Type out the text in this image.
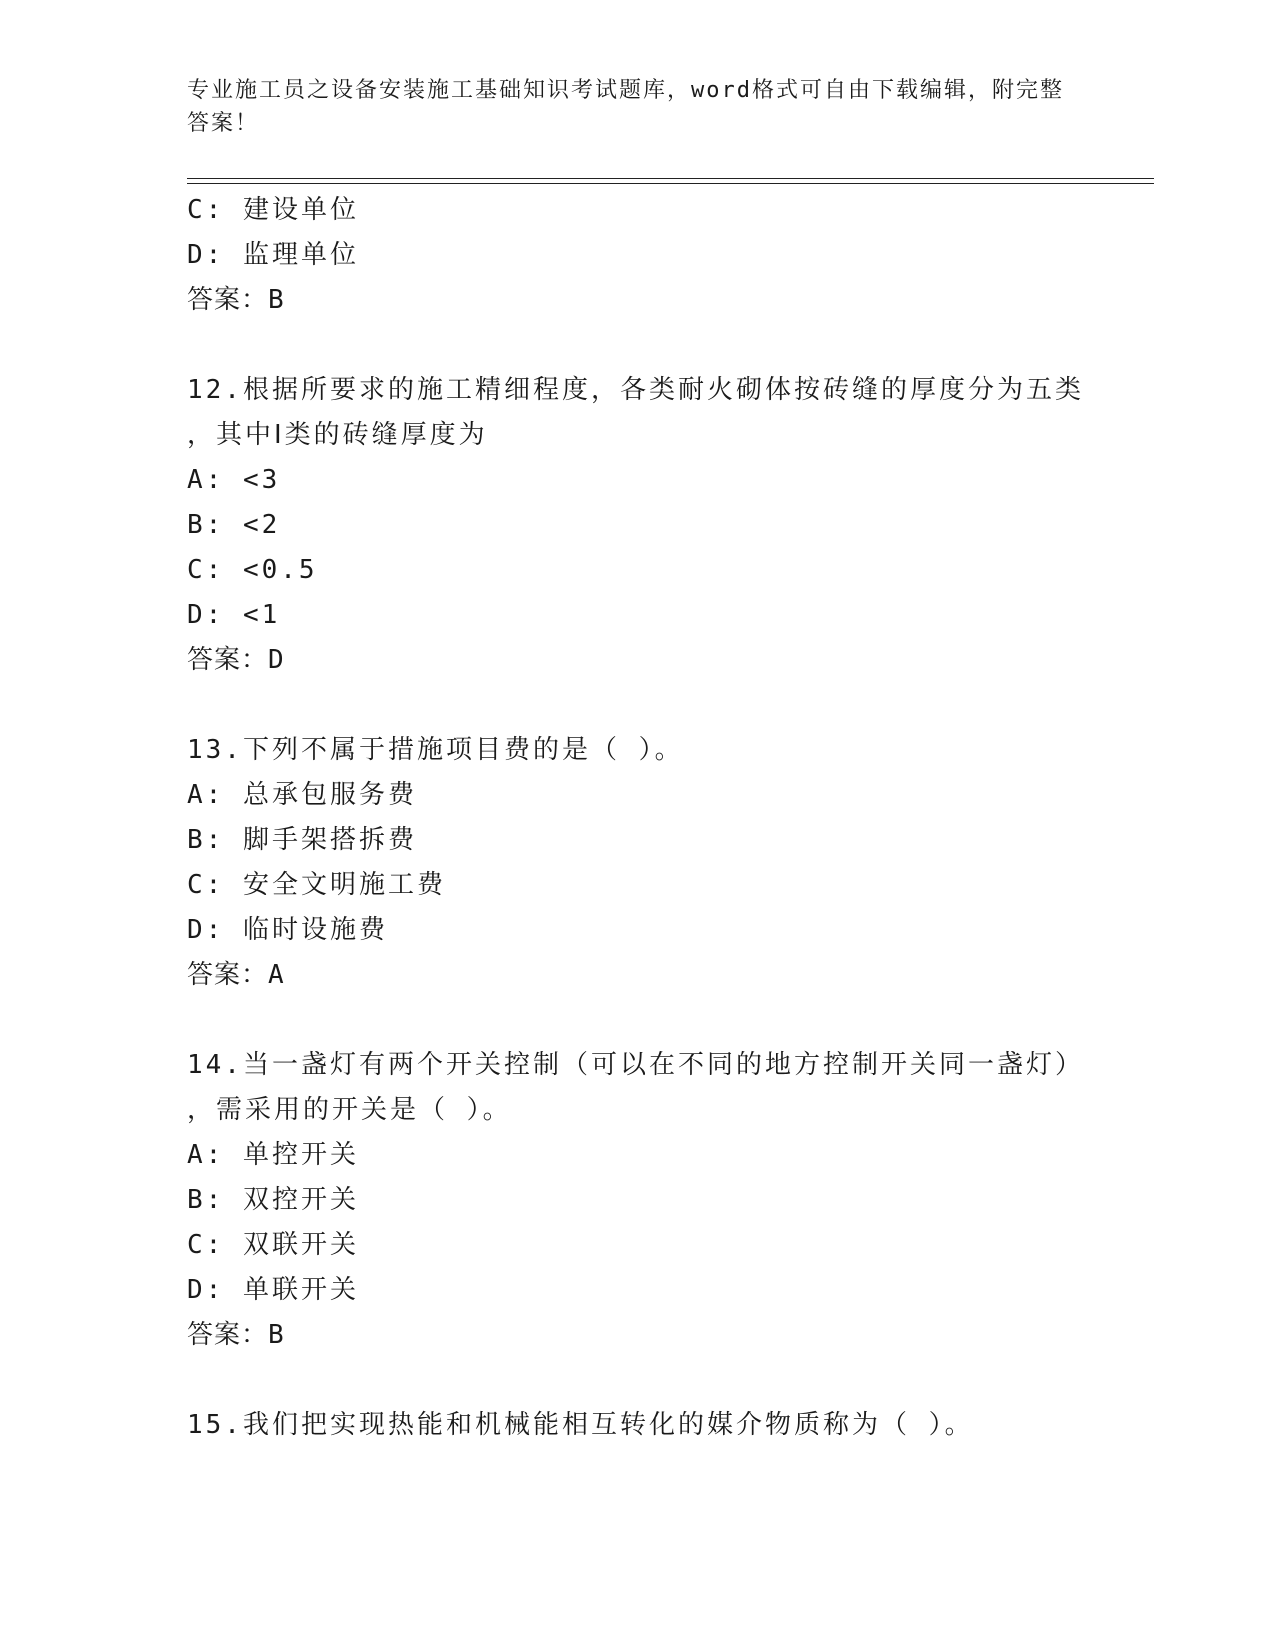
专业施工员之设备安装施工基础知识考试题库，word格式可自由下载编辑，附完整答案！

C: 建设单位

D: 监理单位

答案：B

12.根据所要求的施工精细程度，各类耐火砌体按砖缝的厚度分为五类

，其中Ⅰ类的砖缝厚度为

A: <3

B: <2

C: <0.5

D: <1

答案：D

13.下列不属于措施项目费的是（ ）。

A: 总承包服务费

B: 脚手架搭拆费

C: 安全文明施工费

D: 临时设施费

答案：A

14.当一盏灯有两个开关控制（可以在不同的地方控制开关同一盏灯）

，需采用的开关是（ ）。

A: 单控开关

B: 双控开关

C: 双联开关

D: 单联开关

答案：B

15.我们把实现热能和机械能相互转化的媒介物质称为（ ）。
